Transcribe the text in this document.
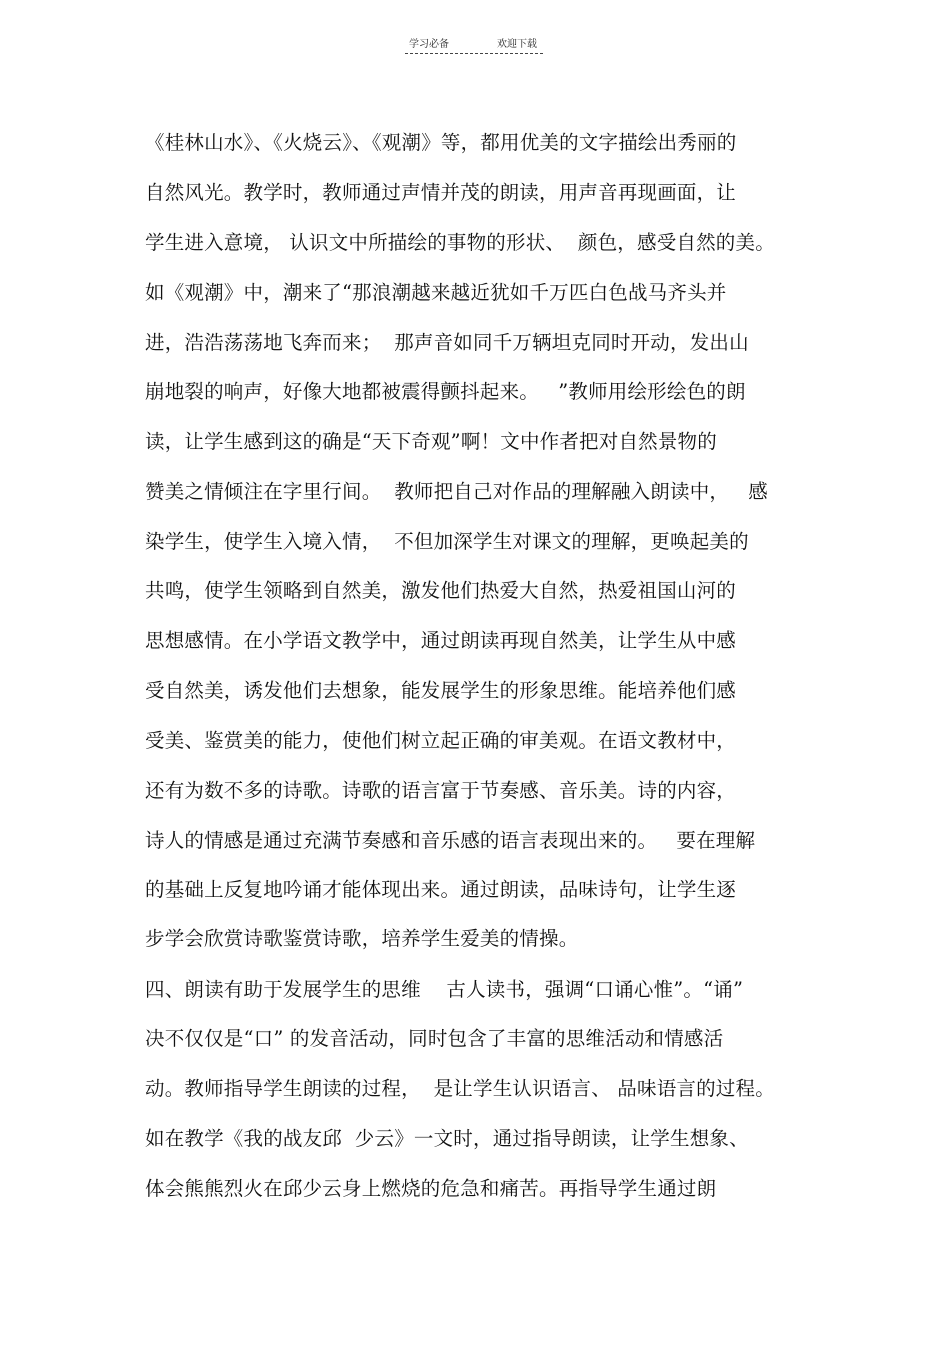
学习必备	欢迎下载
《桂林山水》、《火烧云》、《观潮》等，都用优美的文字描绘出秀丽的
自然风光。教学时，教师通过声情并茂的朗读，用声音再现画面，让
学生进入意境， 认识文中所描绘的事物的形状、  颜色，感受自然的美。
如《观潮》中，潮来了“那浪潮越来越近犹如千万匹白色战马齐头并
进，浩浩荡荡地飞奔而来；  那声音如同千万辆坦克同时开动，发出山
崩地裂的响声，好像大地都被震得颤抖起来。   ”教师用绘形绘色的朗
读，让学生感到这的确是“天下奇观”啊！文中作者把对自然景物的
赞美之情倾注在字里行间。  教师把自己对作品的理解融入朗读中，   感
染学生，使学生入境入情，  不但加深学生对课文的理解，更唤起美的
共鸣，使学生领略到自然美，激发他们热爱大自然，热爱祖国山河的
思想感情。在小学语文教学中，通过朗读再现自然美，让学生从中感
受自然美，诱发他们去想象，能发展学生的形象思维。能培养他们感
受美、鉴赏美的能力，使他们树立起正确的审美观。在语文教材中，
还有为数不多的诗歌。诗歌的语言富于节奏感、音乐美。诗的内容，
诗人的情感是通过充满节奏感和音乐感的语言表现出来的。   要在理解
的基础上反复地吟诵才能体现出来。通过朗读，品味诗句，让学生逐
步学会欣赏诗歌鉴赏诗歌，培养学生爱美的情操。
四、朗读有助于发展学生的思维    古人读书，强调“口诵心惟”。“诵”
决不仅仅是“口” 的发音活动，同时包含了丰富的思维活动和情感活
动。教师指导学生朗读的过程，  是让学生认识语言、 品味语言的过程。
如在教学《我的战友邱  少云》一文时，通过指导朗读，让学生想象、
体会熊熊烈火在邱少云身上燃烧的危急和痛苦。再指导学生通过朗
